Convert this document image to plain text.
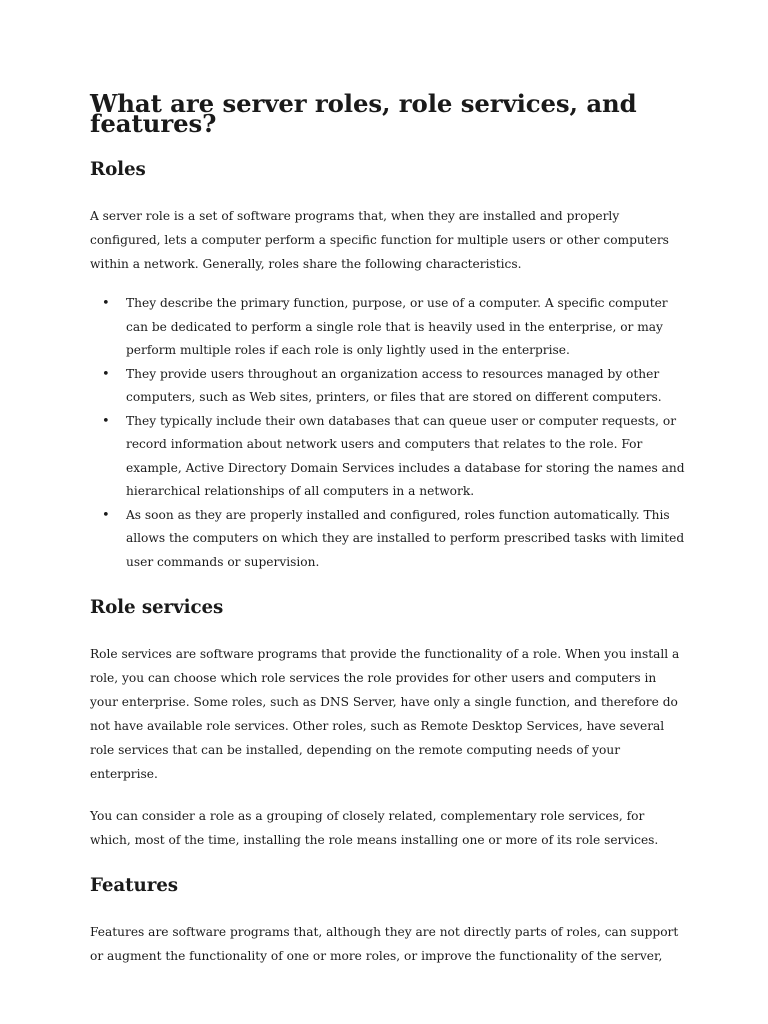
What are server roles, role services, and features?
Roles

A server role is a set of software programs that, when they are installed and properly configured, lets a computer perform a specific function for multiple users or other computers within a network. Generally, roles share the following characteristics.

• They describe the primary function, purpose, or use of a computer. A specific computer can be dedicated to perform a single role that is heavily used in the enterprise, or may perform multiple roles if each role is only lightly used in the enterprise.
• They provide users throughout an organization access to resources managed by other computers, such as Web sites, printers, or files that are stored on different computers.
• They typically include their own databases that can queue user or computer requests, or record information about network users and computers that relates to the role. For example, Active Directory Domain Services includes a database for storing the names and hierarchical relationships of all computers in a network.
• As soon as they are properly installed and configured, roles function automatically. This allows the computers on which they are installed to perform prescribed tasks with limited user commands or supervision.
Role services

Role services are software programs that provide the functionality of a role. When you install a role, you can choose which role services the role provides for other users and computers in your enterprise. Some roles, such as DNS Server, have only a single function, and therefore do not have available role services. Other roles, such as Remote Desktop Services, have several role services that can be installed, depending on the remote computing needs of your enterprise.

You can consider a role as a grouping of closely related, complementary role services, for which, most of the time, installing the role means installing one or more of its role services.

Features

Features are software programs that, although they are not directly parts of roles, can support or augment the functionality of one or more roles, or improve the functionality of the server,
